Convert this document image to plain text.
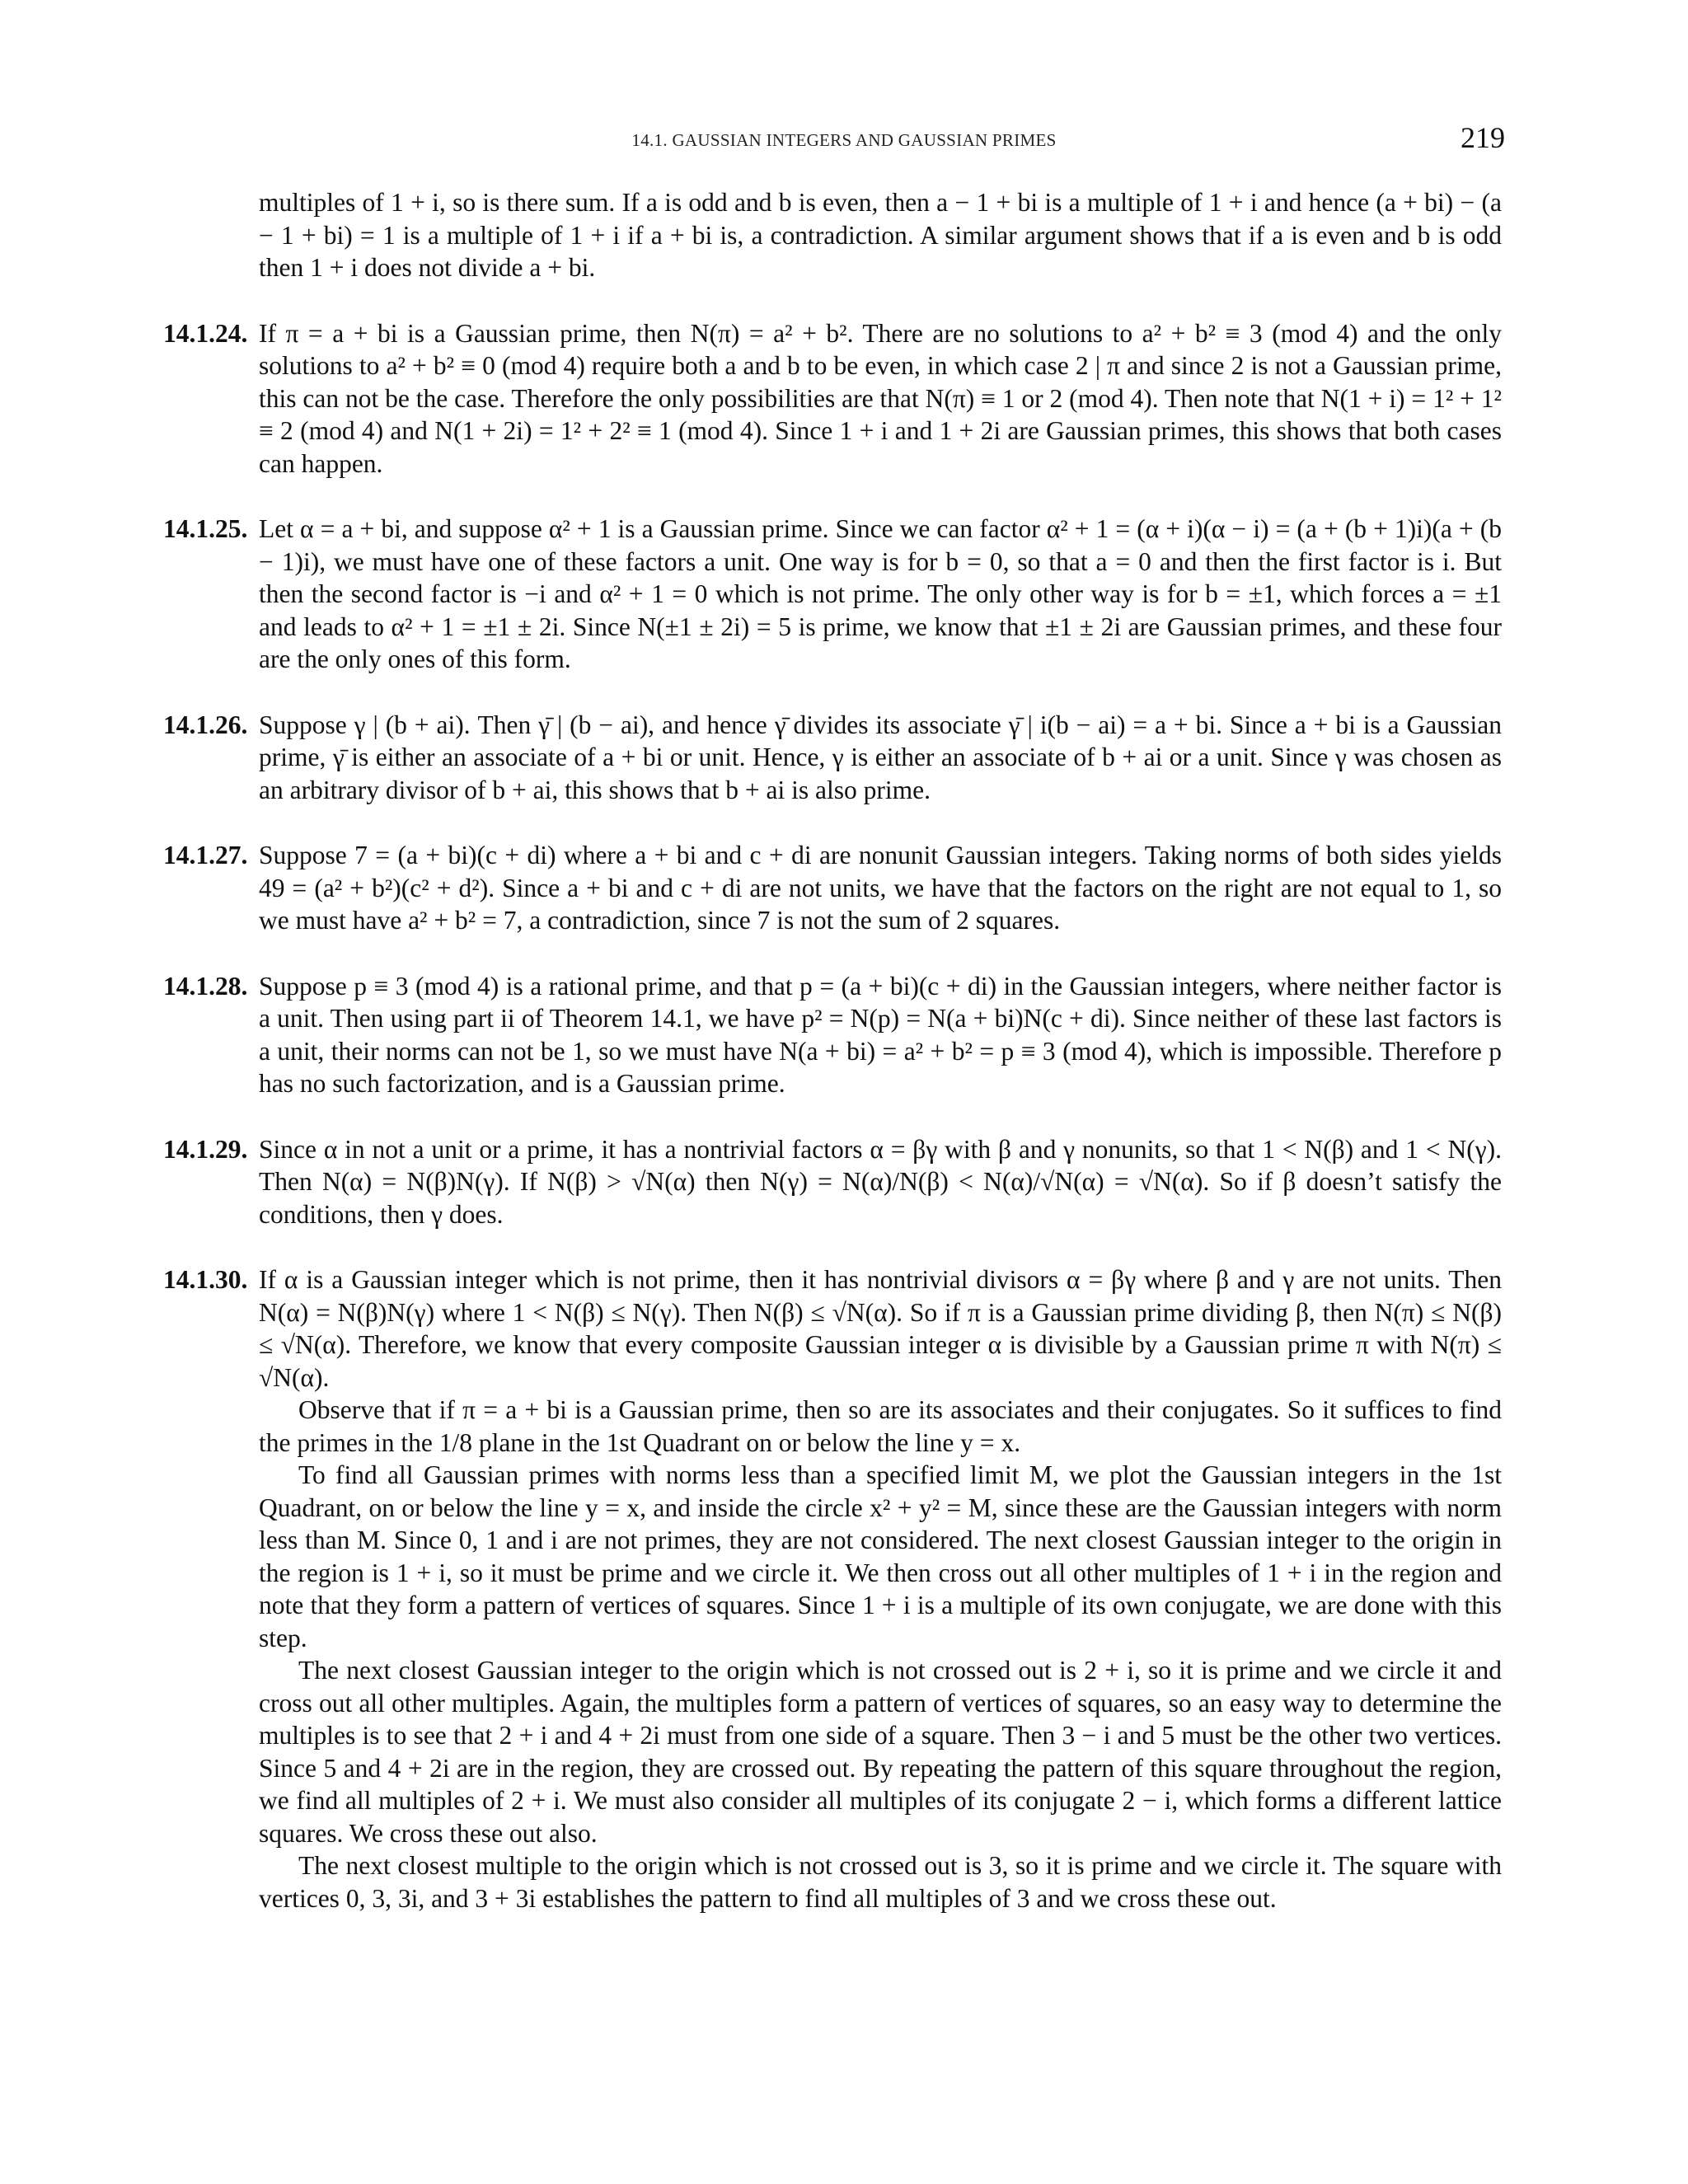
14.1. GAUSSIAN INTEGERS AND GAUSSIAN PRIMES	219

multiples of 1 + i, so is there sum. If a is odd and b is even, then a − 1 + bi is a multiple of 1 + i and hence (a + bi) − (a − 1 + bi) = 1 is a multiple of 1 + i if a + bi is, a contradiction. A similar argument shows that if a is even and b is odd then 1 + i does not divide a + bi.

14.1.24. If π = a + bi is a Gaussian prime, then N(π) = a² + b². There are no solutions to a² + b² ≡ 3 (mod 4) and the only solutions to a² + b² ≡ 0 (mod 4) require both a and b to be even, in which case 2 | π and since 2 is not a Gaussian prime, this can not be the case. Therefore the only possibilities are that N(π) ≡ 1 or 2 (mod 4). Then note that N(1 + i) = 1² + 1² ≡ 2 (mod 4) and N(1 + 2i) = 1² + 2² ≡ 1 (mod 4). Since 1 + i and 1 + 2i are Gaussian primes, this shows that both cases can happen.

14.1.25. Let α = a + bi, and suppose α² + 1 is a Gaussian prime. Since we can factor α² + 1 = (α + i)(α − i) = (a + (b + 1)i)(a + (b − 1)i), we must have one of these factors a unit. One way is for b = 0, so that a = 0 and then the first factor is i. But then the second factor is −i and α² + 1 = 0 which is not prime. The only other way is for b = ±1, which forces a = ±1 and leads to α² + 1 = ±1 ± 2i. Since N(±1 ± 2i) = 5 is prime, we know that ±1 ± 2i are Gaussian primes, and these four are the only ones of this form.

14.1.26. Suppose γ | (b + ai). Then γ̄ | (b − ai), and hence γ̄ divides its associate γ̄ | i(b − ai) = a + bi. Since a + bi is a Gaussian prime, γ̄ is either an associate of a + bi or unit. Hence, γ is either an associate of b + ai or a unit. Since γ was chosen as an arbitrary divisor of b + ai, this shows that b + ai is also prime.

14.1.27. Suppose 7 = (a + bi)(c + di) where a + bi and c + di are nonunit Gaussian integers. Taking norms of both sides yields 49 = (a² + b²)(c² + d²). Since a + bi and c + di are not units, we have that the factors on the right are not equal to 1, so we must have a² + b² = 7, a contradiction, since 7 is not the sum of 2 squares.

14.1.28. Suppose p ≡ 3 (mod 4) is a rational prime, and that p = (a + bi)(c + di) in the Gaussian integers, where neither factor is a unit. Then using part ii of Theorem 14.1, we have p² = N(p) = N(a + bi)N(c + di). Since neither of these last factors is a unit, their norms can not be 1, so we must have N(a + bi) = a² + b² = p ≡ 3 (mod 4), which is impossible. Therefore p has no such factorization, and is a Gaussian prime.

14.1.29. Since α in not a unit or a prime, it has a nontrivial factors α = βγ with β and γ nonunits, so that 1 < N(β) and 1 < N(γ). Then N(α) = N(β)N(γ). If N(β) > √N(α) then N(γ) = N(α)/N(β) < N(α)/√N(α) = √N(α). So if β doesn’t satisfy the conditions, then γ does.

14.1.30. If α is a Gaussian integer which is not prime, then it has nontrivial divisors α = βγ where β and γ are not units. Then N(α) = N(β)N(γ) where 1 < N(β) ≤ N(γ). Then N(β) ≤ √N(α). So if π is a Gaussian prime dividing β, then N(π) ≤ N(β) ≤ √N(α). Therefore, we know that every composite Gaussian integer α is divisible by a Gaussian prime π with N(π) ≤ √N(α).

Observe that if π = a + bi is a Gaussian prime, then so are its associates and their conjugates. So it suffices to find the primes in the 1/8 plane in the 1st Quadrant on or below the line y = x.

To find all Gaussian primes with norms less than a specified limit M, we plot the Gaussian integers in the 1st Quadrant, on or below the line y = x, and inside the circle x² + y² = M, since these are the Gaussian integers with norm less than M. Since 0, 1 and i are not primes, they are not considered. The next closest Gaussian integer to the origin in the region is 1 + i, so it must be prime and we circle it. We then cross out all other multiples of 1 + i in the region and note that they form a pattern of vertices of squares. Since 1 + i is a multiple of its own conjugate, we are done with this step.

The next closest Gaussian integer to the origin which is not crossed out is 2 + i, so it is prime and we circle it and cross out all other multiples. Again, the multiples form a pattern of vertices of squares, so an easy way to determine the multiples is to see that 2 + i and 4 + 2i must from one side of a square. Then 3 − i and 5 must be the other two vertices. Since 5 and 4 + 2i are in the region, they are crossed out. By repeating the pattern of this square throughout the region, we find all multiples of 2 + i. We must also consider all multiples of its conjugate 2 − i, which forms a different lattice squares. We cross these out also.

The next closest multiple to the origin which is not crossed out is 3, so it is prime and we circle it. The square with vertices 0, 3, 3i, and 3 + 3i establishes the pattern to find all multiples of 3 and we cross these out.
